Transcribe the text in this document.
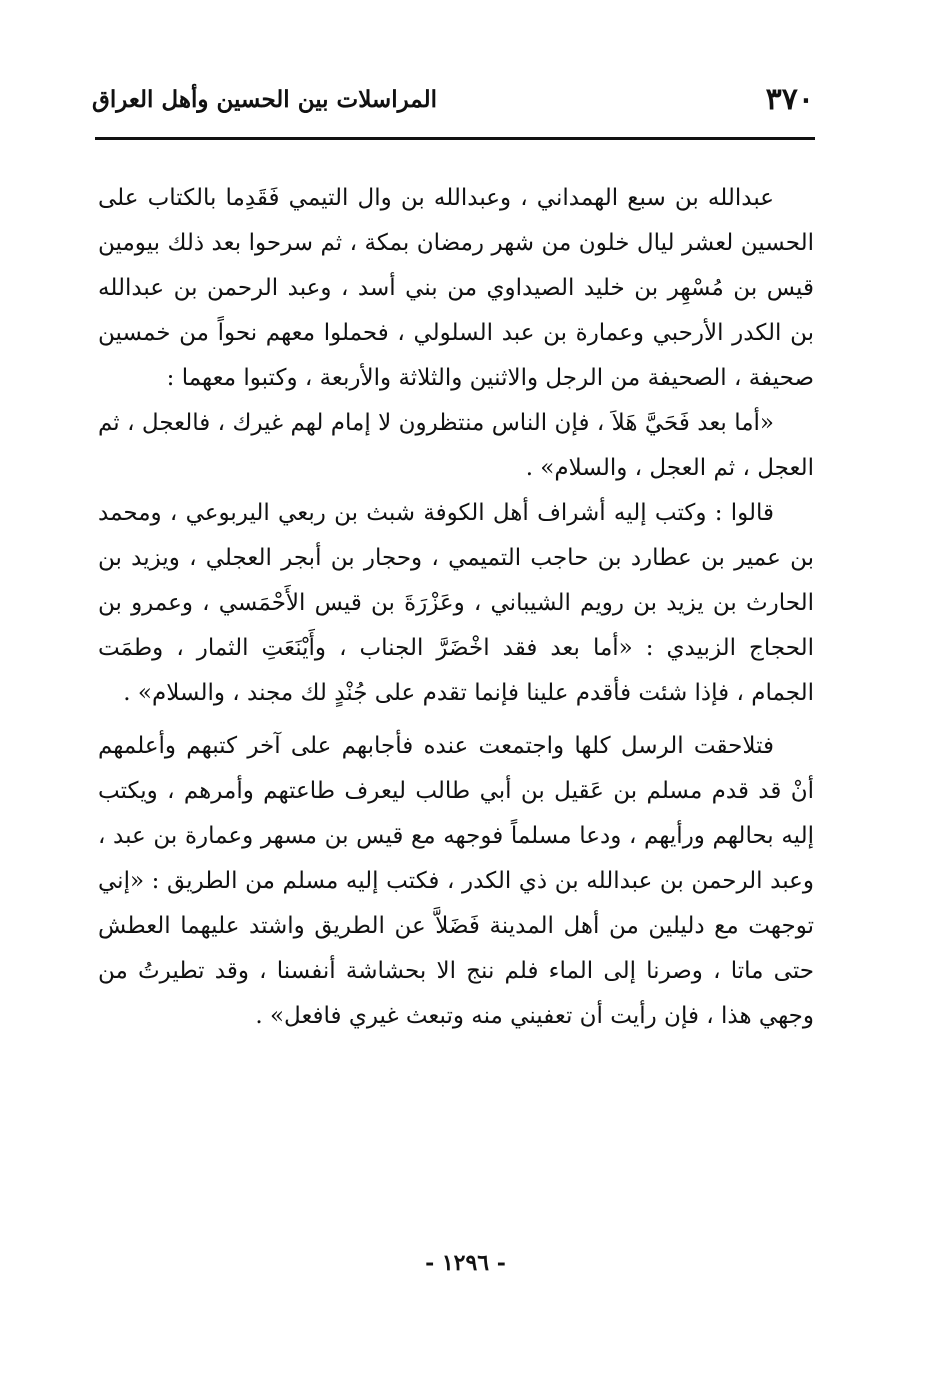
٣٧٠
المراسلات بين الحسين وأهل العراق

عبدالله بن سبع الهمداني ، وعبدالله بن وال التيمي فَقَدِما بالكتاب على الحسين لعشر ليال خلون من شهر رمضان بمكة ، ثم سرحوا بعد ذلك بيومين قيس بن مُسْهِر بن خليد الصيداوي من بني أسد ، وعبد الرحمن بن عبدالله بن الكدر الأرحبي وعمارة بن عبد السلولي ، فحملوا معهم نحواً من خمسين صحيفة ، الصحيفة من الرجل والاثنين والثلاثة والأربعة ، وكتبوا معهما :

«أما بعد فَحَيَّ هَلاَ ، فإن الناس منتظرون لا إمام لهم غيرك ، فالعجل ، ثم العجل ، ثم العجل ، والسلام» .

قالوا : وكتب إليه أشراف أهل الكوفة شبث بن ربعي اليربوعي ، ومحمد بن عمير بن عطارد بن حاجب التميمي ، وحجار بن أبجر العجلي ، ويزيد بن الحارث بن يزيد بن رويم الشيباني ، وعَزْرَةَ بن قيس الأَحْمَسي ، وعمرو بن الحجاج الزبيدي : «أما بعد فقد اخْضَرَّ الجناب ، وأَيْنَعَتِ الثمار ، وطمَت الجمام ، فإذا شئت فأقدم علينا فإنما تقدم على جُنْدٍ لك مجند ، والسلام» .

فتلاحقت الرسل كلها واجتمعت عنده فأجابهم على آخر كتبهم وأعلمهم أنْ قد قدم مسلم بن عَقيل بن أبي طالب ليعرف طاعتهم وأمرهم ، ويكتب إليه بحالهم ورأيهم ، ودعا مسلماً فوجهه مع قيس بن مسهر وعمارة بن عبد ، وعبد الرحمن بن عبدالله بن ذي الكدر ، فكتب إليه مسلم من الطريق : «إني توجهت مع دليلين من أهل المدينة فَضَلاَّ عن الطريق واشتد عليهما العطش حتى ماتا ، وصرنا إلى الماء فلم ننج الا بحشاشة أنفسنا ، وقد تطيرتُ من وجهي هذا ، فإن رأيت أن تعفيني منه وتبعث غيري فافعل» .

- ١٢٩٦ -
